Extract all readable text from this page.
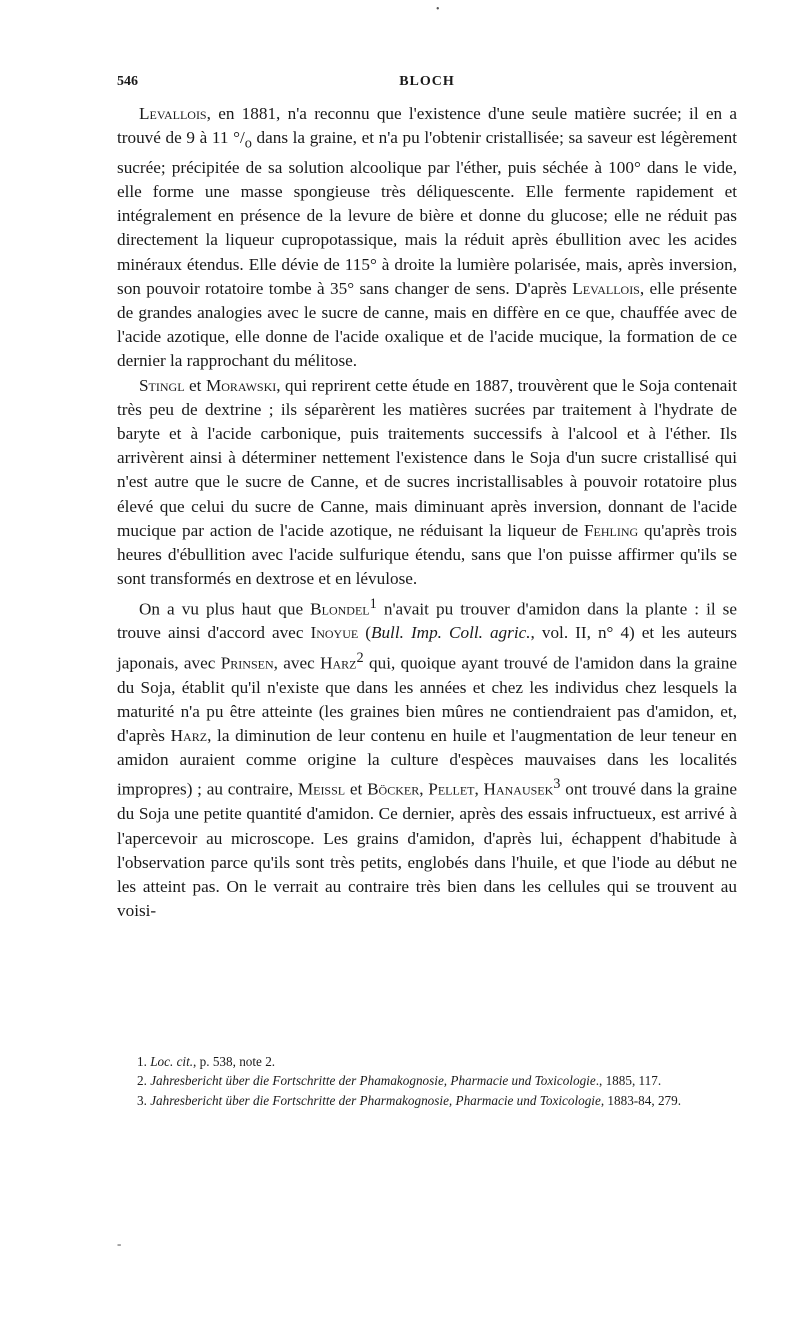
•
BLOCH
546

Levallois, en 1881, n'a reconnu que l'existence d'une seule matière sucrée; il en a trouvé de 9 à 11 $^\circ/_o$ dans la graine, et n'a pu l'obtenir cristallisée; sa saveur est légèrement sucrée; précipitée de sa solution alcoolique par l'éther, puis séchée à 100° dans le vide, elle forme une masse spongieuse très déliquescente. Elle fermente rapidement et intégralement en présence de la levure de bière et donne du glucose; elle ne réduit pas directement la liqueur cupropotassique, mais la réduit après ébullition avec les acides minéraux étendus. Elle dévie de 115° à droite la lumière polarisée, mais, après inversion, son pouvoir rotatoire tombe à 35° sans changer de sens. D'après Levallois, elle présente de grandes analogies avec le sucre de canne, mais en diffère en ce que, chauffée avec de l'acide azotique, elle donne de l'acide oxalique et de l'acide mucique, la formation de ce dernier la rapprochant du mélitose.

Stingl et Morawski, qui reprirent cette étude en 1887, trouvèrent que le Soja contenait très peu de dextrine ; ils séparèrent les matières sucrées par traitement à l'hydrate de baryte et à l'acide carbonique, puis traitements successifs à l'alcool et à l'éther. Ils arrivèrent ainsi à déterminer nettement l'existence dans le Soja d'un sucre cristallisé qui n'est autre que le sucre de Canne, et de sucres incristallisables à pouvoir rotatoire plus élevé que celui du sucre de Canne, mais diminuant après inversion, donnant de l'acide mucique par action de l'acide azotique, ne réduisant la liqueur de Fehling qu'après trois heures d'ébullition avec l'acide sulfurique étendu, sans que l'on puisse affirmer qu'ils se sont transformés en dextrose et en lévulose.

On a vu plus haut que Blondel$^1$ n'avait pu trouver d'amidon dans la plante : il se trouve ainsi d'accord avec Inoyue (Bull. Imp. Coll. agric., vol. II, n° 4) et les auteurs japonais, avec Prinsen, avec Harz$^2$ qui, quoique ayant trouvé de l'amidon dans la graine du Soja, établit qu'il n'existe que dans les années et chez les individus chez lesquels la maturité n'a pu être atteinte (les graines bien mûres ne contiendraient pas d'amidon, et, d'après Harz, la diminution de leur contenu en huile et l'augmentation de leur teneur en amidon auraient comme origine la culture d'espèces mauvaises dans les localités impropres) ; au contraire, Meissl et Böcker, Pellet, Hanausek$^3$ ont trouvé dans la graine du Soja une petite quantité d'amidon. Ce dernier, après des essais infructueux, est arrivé à l'apercevoir au microscope. Les grains d'amidon, d'après lui, échappent d'habitude à l'observation parce qu'ils sont très petits, englobés dans l'huile, et que l'iode au début ne les atteint pas. On le verrait au contraire très bien dans les cellules qui se trouvent au voisi-

1. Loc. cit., p. 538, note 2.

2. Jahresbericht über die Fortschritte der Phamakognosie, Pharmacie und Toxicologie., 1885, 117.

3. Jahresbericht über die Fortschritte der Pharmakognosie, Pharmacie und Toxicologie, 1883-84, 279.

-
